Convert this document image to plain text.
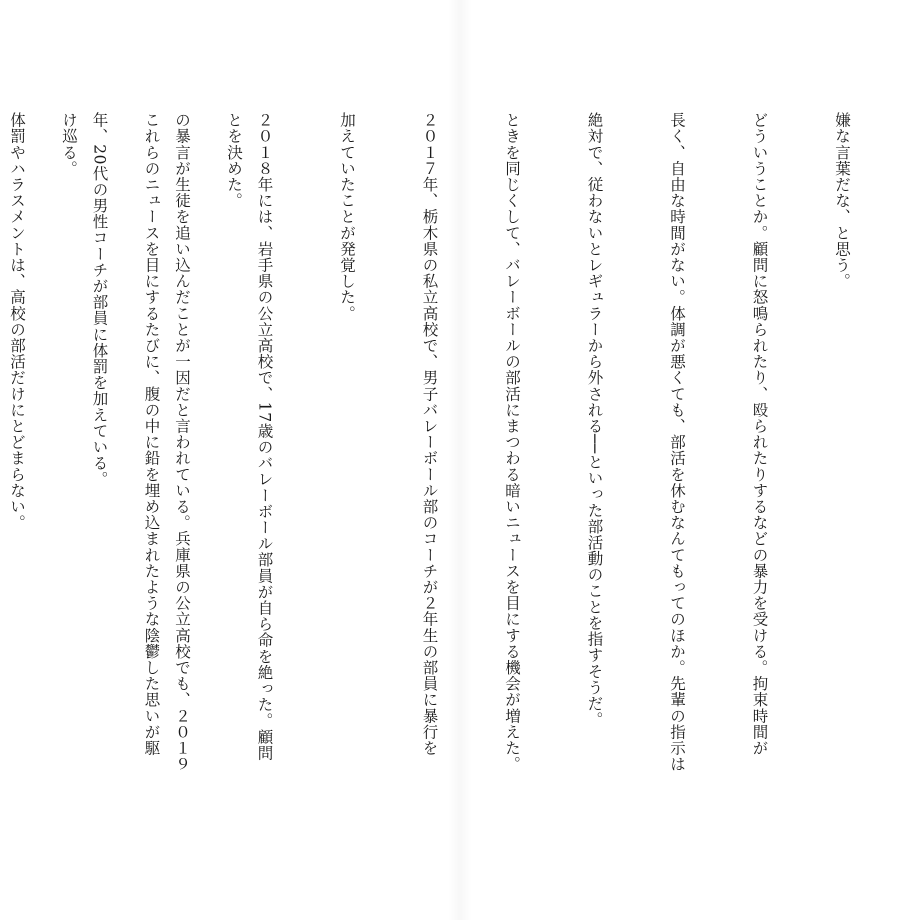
嫌な言葉だな、と思う。

どういうことか。顧問に怒鳴られたり、殴られたりするなどの暴力を受ける。拘束時間が

長く、自由な時間がない。体調が悪くても、部活を休むなんてもってのほか。先輩の指示は

絶対で、従わないとレギュラーから外される──といった部活動のことを指すそうだ。

ときを同じくして、バレーボールの部活にまつわる暗いニュースを目にする機会が増えた。

２０１７年、栃木県の私立高校で、男子バレーボール部のコーチが２年生の部員に暴行を

加えていたことが発覚した。

２０１８年には、岩手県の公立高校で、17歳のバレーボール部員が自ら命を絶った。顧問

の暴言が生徒を追い込んだことが一因だと言われている。兵庫県の公立高校でも、２０１９

年、20代の男性コーチが部員に体罰を加えている。

体罰やハラスメントは、高校の部活だけにとどまらない。

	とを決めた。

これらのニュースを目にするたびに、腹の中に鉛を埋め込まれたような陰鬱した思いが駆

け巡る。
